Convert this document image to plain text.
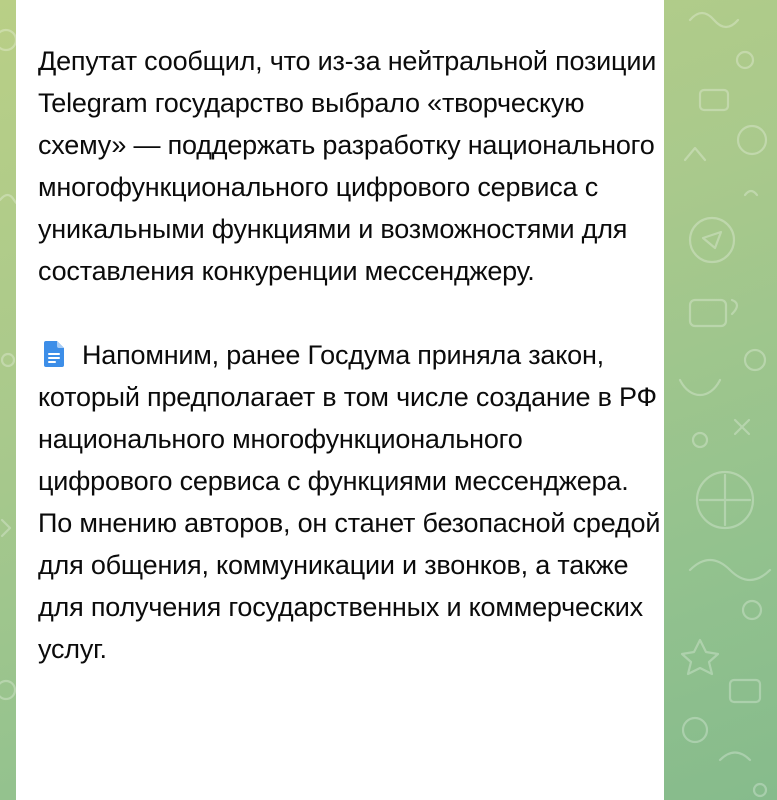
Депутат сообщил, что из-за нейтральной позиции Telegram государство выбрало «творческую схему» — поддержать разработку национального многофункционального цифрового сервиса с уникальными функциями и возможностями для составления конкуренции мессенджеру.

Напомним, ранее Госдума приняла закон, который предполагает в том числе создание в РФ национального многофункционального цифрового сервиса с функциями мессенджера. По мнению авторов, он станет безопасной средой для общения, коммуникации и звонков, а также для получения государственных и коммерческих услуг.
